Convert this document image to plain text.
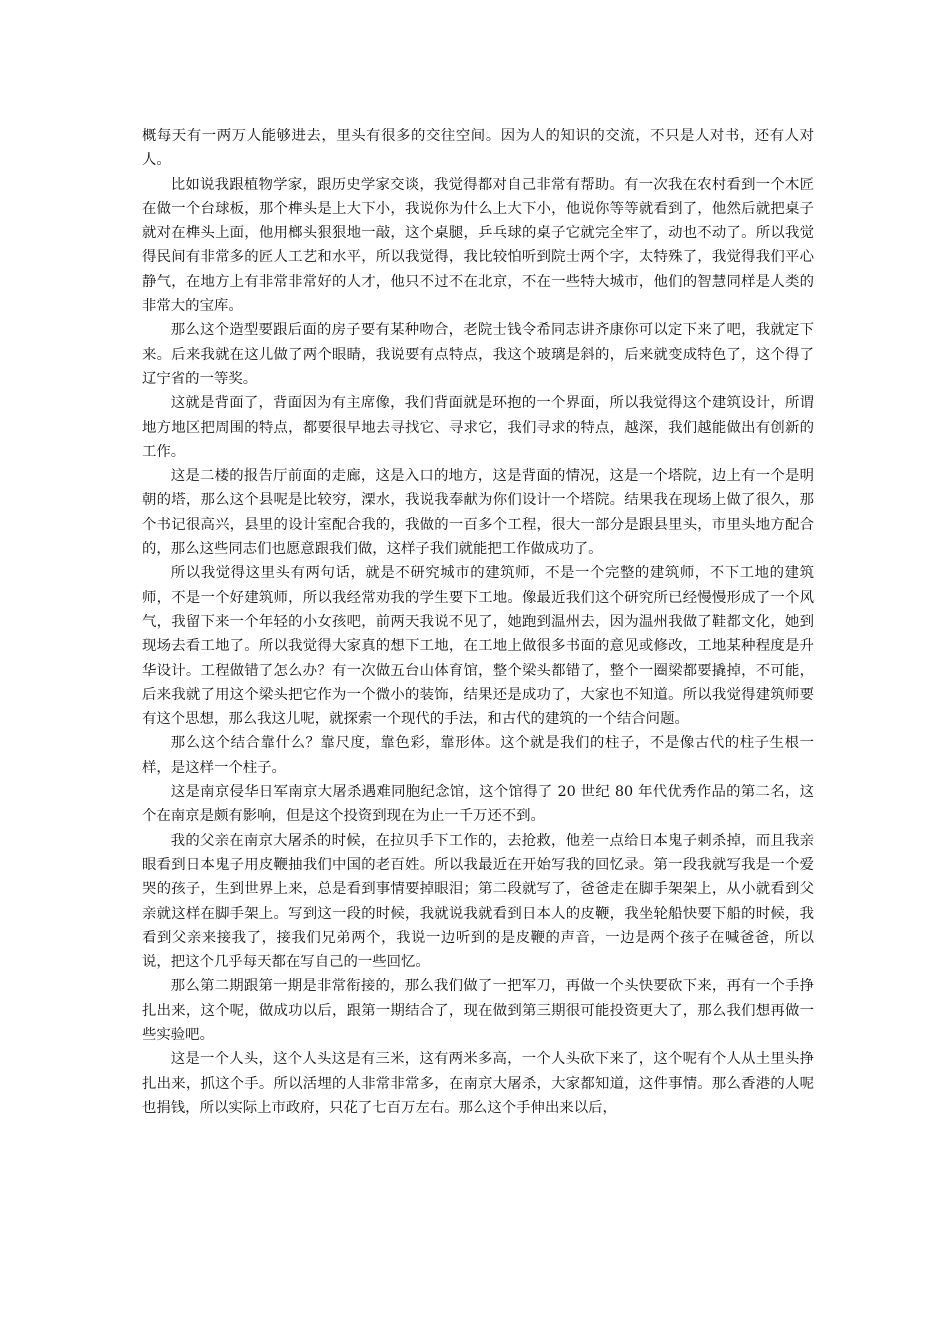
概每天有一两万人能够进去，里头有很多的交往空间。因为人的知识的交流，不只是人对书，还有人对人。

比如说我跟植物学家，跟历史学家交谈，我觉得都对自己非常有帮助。有一次我在农村看到一个木匠在做一个台球板，那个榫头是上大下小，我说你为什么上大下小，他说你等等就看到了，他然后就把桌子就对在榫头上面，他用榔头狠狠地一敲，这个桌腿，乒乓球的桌子它就完全牢了，动也不动了。所以我觉得民间有非常多的匠人工艺和水平，所以我觉得，我比较怕听到院士两个字，太特殊了，我觉得我们平心静气，在地方上有非常非常好的人才，他只不过不在北京，不在一些特大城市，他们的智慧同样是人类的非常大的宝库。

那么这个造型要跟后面的房子要有某种吻合，老院士钱令希同志讲齐康你可以定下来了吧，我就定下来。后来我就在这儿做了两个眼睛，我说要有点特点，我这个玻璃是斜的，后来就变成特色了，这个得了辽宁省的一等奖。

这就是背面了，背面因为有主席像，我们背面就是环抱的一个界面，所以我觉得这个建筑设计，所谓地方地区把周围的特点，都要很早地去寻找它、寻求它，我们寻求的特点，越深，我们越能做出有创新的工作。

这是二楼的报告厅前面的走廊，这是入口的地方，这是背面的情况，这是一个塔院，边上有一个是明朝的塔，那么这个县呢是比较穷，溧水，我说我奉献为你们设计一个塔院。结果我在现场上做了很久，那个书记很高兴，县里的设计室配合我的，我做的一百多个工程，很大一部分是跟县里头，市里头地方配合的，那么这些同志们也愿意跟我们做，这样子我们就能把工作做成功了。

所以我觉得这里头有两句话，就是不研究城市的建筑师，不是一个完整的建筑师，不下工地的建筑师，不是一个好建筑师，所以我经常劝我的学生要下工地。像最近我们这个研究所已经慢慢形成了一个风气，我留下来一个年轻的小女孩吧，前两天我说不见了，她跑到温州去，因为温州我做了鞋都文化，她到现场去看工地了。所以我觉得大家真的想下工地，在工地上做很多书面的意见或修改，工地某种程度是升华设计。工程做错了怎么办？有一次做五台山体育馆，整个梁头都错了，整个一圈梁都要撬掉，不可能，后来我就了用这个梁头把它作为一个微小的装饰，结果还是成功了，大家也不知道。所以我觉得建筑师要有这个思想，那么我这儿呢，就探索一个现代的手法，和古代的建筑的一个结合问题。

那么这个结合靠什么？靠尺度，靠色彩，靠形体。这个就是我们的柱子，不是像古代的柱子生根一样，是这样一个柱子。

这是南京侵华日军南京大屠杀遇难同胞纪念馆，这个馆得了 20 世纪 80 年代优秀作品的第二名，这个在南京是颇有影响，但是这个投资到现在为止一千万还不到。

我的父亲在南京大屠杀的时候，在拉贝手下工作的，去抢救，他差一点给日本鬼子刺杀掉，而且我亲眼看到日本鬼子用皮鞭抽我们中国的老百姓。所以我最近在开始写我的回忆录。第一段我就写我是一个爱哭的孩子，生到世界上来，总是看到事情要掉眼泪；第二段就写了，爸爸走在脚手架架上，从小就看到父亲就这样在脚手架上。写到这一段的时候，我就说我就看到日本人的皮鞭，我坐轮船快要下船的时候，我看到父亲来接我了，接我们兄弟两个，我说一边听到的是皮鞭的声音，一边是两个孩子在喊爸爸，所以说，把这个几乎每天都在写自己的一些回忆。

那么第二期跟第一期是非常衔接的，那么我们做了一把军刀，再做一个头快要砍下来，再有一个手挣扎出来，这个呢，做成功以后，跟第一期结合了，现在做到第三期很可能投资更大了，那么我们想再做一些实验吧。

这是一个人头，这个人头这是有三米，这有两米多高，一个人头砍下来了，这个呢有个人从土里头挣扎出来，抓这个手。所以活埋的人非常非常多，在南京大屠杀，大家都知道，这件事情。那么香港的人呢也捐钱，所以实际上市政府，只花了七百万左右。那么这个手伸出来以后，
